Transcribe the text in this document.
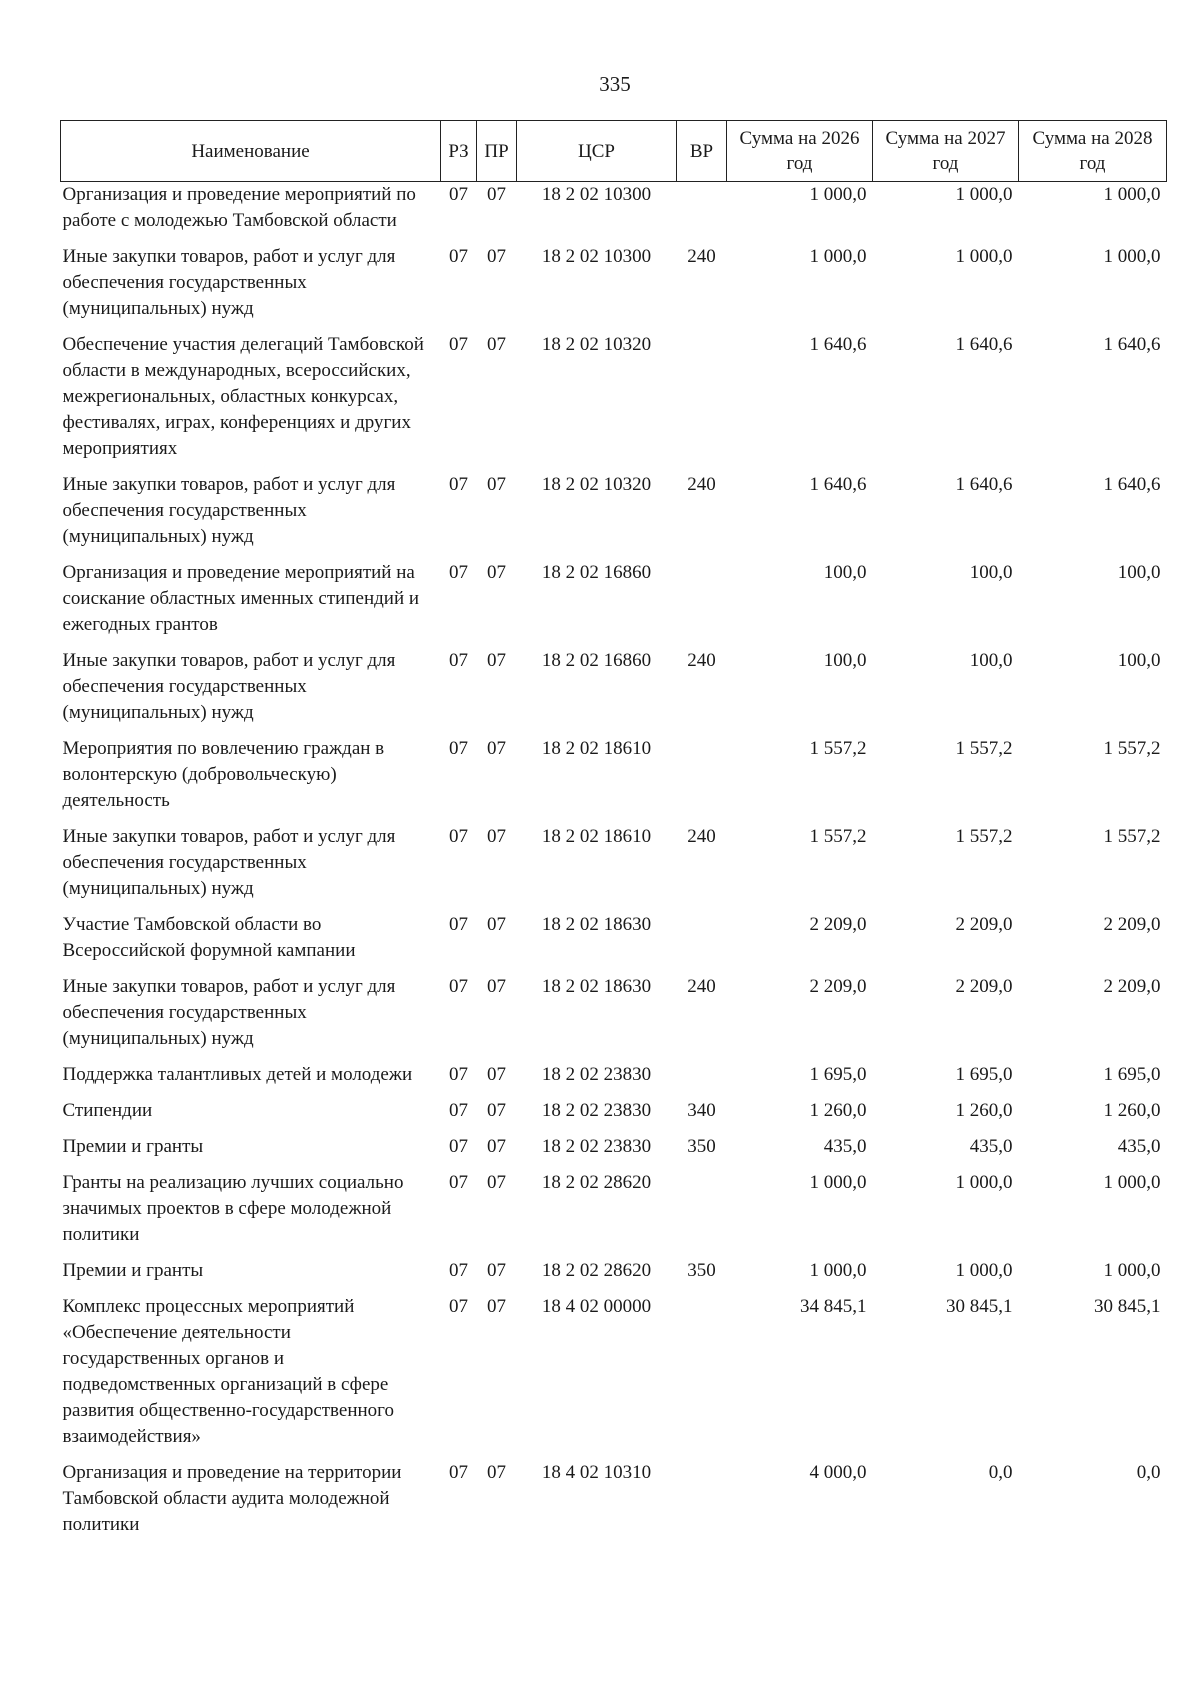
335
Наименование	РЗ	ПР	ЦСР	ВР	Сумма на 2026 год	Сумма на 2027 год	Сумма на 2028 год
Организация и проведение мероприятий по работе с молодежью Тамбовской области	07	07	18 2 02 10300		1 000,0	1 000,0	1 000,0
Иные закупки товаров, работ и услуг для обеспечения государственных (муниципальных) нужд	07	07	18 2 02 10300	240	1 000,0	1 000,0	1 000,0
Обеспечение участия делегаций Тамбовской области в международных, всероссийских, межрегиональных, областных конкурсах, фестивалях, играх, конференциях и других мероприятиях	07	07	18 2 02 10320		1 640,6	1 640,6	1 640,6
Иные закупки товаров, работ и услуг для обеспечения государственных (муниципальных) нужд	07	07	18 2 02 10320	240	1 640,6	1 640,6	1 640,6
Организация и проведение мероприятий на соискание областных именных стипендий и ежегодных грантов	07	07	18 2 02 16860		100,0	100,0	100,0
Иные закупки товаров, работ и услуг для обеспечения государственных (муниципальных) нужд	07	07	18 2 02 16860	240	100,0	100,0	100,0
Мероприятия по вовлечению граждан в волонтерскую (добровольческую) деятельность	07	07	18 2 02 18610		1 557,2	1 557,2	1 557,2
Иные закупки товаров, работ и услуг для обеспечения государственных (муниципальных) нужд	07	07	18 2 02 18610	240	1 557,2	1 557,2	1 557,2
Участие Тамбовской области во Всероссийской форумной кампании	07	07	18 2 02 18630		2 209,0	2 209,0	2 209,0
Иные закупки товаров, работ и услуг для обеспечения государственных (муниципальных) нужд	07	07	18 2 02 18630	240	2 209,0	2 209,0	2 209,0
Поддержка талантливых детей и молодежи	07	07	18 2 02 23830		1 695,0	1 695,0	1 695,0
Стипендии	07	07	18 2 02 23830	340	1 260,0	1 260,0	1 260,0
Премии и гранты	07	07	18 2 02 23830	350	435,0	435,0	435,0
Гранты на реализацию лучших социально значимых проектов в сфере молодежной политики	07	07	18 2 02 28620		1 000,0	1 000,0	1 000,0
Премии и гранты	07	07	18 2 02 28620	350	1 000,0	1 000,0	1 000,0
Комплекс процессных мероприятий «Обеспечение деятельности государственных органов и подведомственных организаций в сфере развития общественно-государственного взаимодействия»	07	07	18 4 02 00000		34 845,1	30 845,1	30 845,1
Организация и проведение на территории Тамбовской области аудита молодежной политики	07	07	18 4 02 10310		4 000,0	0,0	0,0
